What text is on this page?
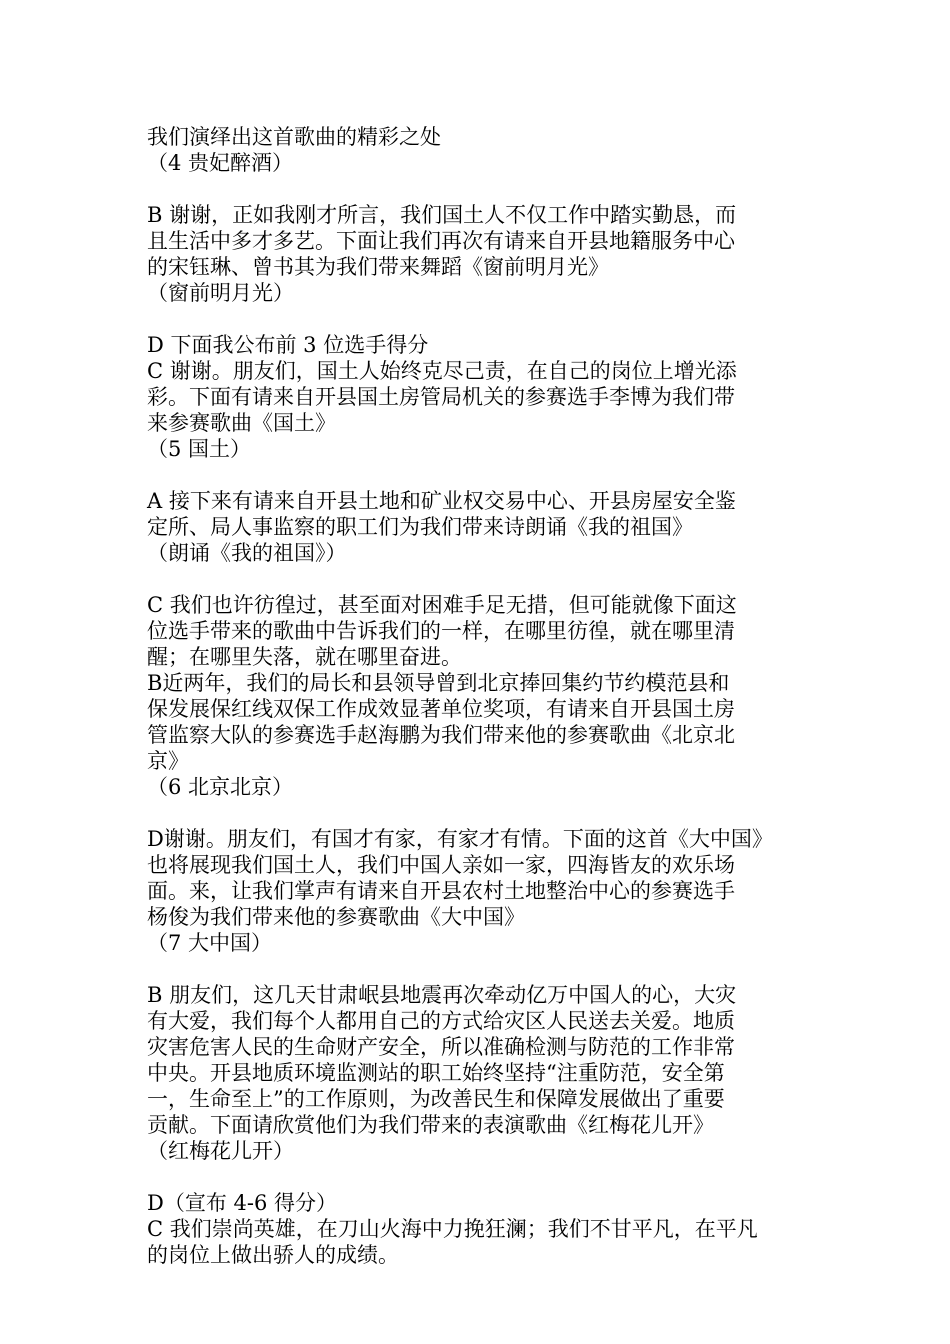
我们演绎出这首歌曲的精彩之处
（4 贵妃醉酒）
B 谢谢，正如我刚才所言，我们国土人不仅工作中踏实勤恳，而
且生活中多才多艺。下面让我们再次有请来自开县地籍服务中心
的宋钰琳、曾书其为我们带来舞蹈《窗前明月光》
（窗前明月光）
D 下面我公布前 3 位选手得分
C 谢谢。朋友们，国土人始终克尽己责，在自己的岗位上增光添
彩。下面有请来自开县国土房管局机关的参赛选手李博为我们带
来参赛歌曲《国土》
（5 国土）
A 接下来有请来自开县土地和矿业权交易中心、开县房屋安全鉴
定所、局人事监察的职工们为我们带来诗朗诵《我的祖国》
（朗诵《我的祖国》）
C 我们也许彷徨过，甚至面对困难手足无措，但可能就像下面这
位选手带来的歌曲中告诉我们的一样，在哪里彷徨，就在哪里清
醒；在哪里失落，就在哪里奋进。
B近两年，我们的局长和县领导曾到北京捧回集约节约模范县和
保发展保红线双保工作成效显著单位奖项，有请来自开县国土房
管监察大队的参赛选手赵海鹏为我们带来他的参赛歌曲《北京北
京》
（6 北京北京）
D谢谢。朋友们，有国才有家，有家才有情。下面的这首《大中国》
也将展现我们国土人，我们中国人亲如一家，四海皆友的欢乐场
面。来，让我们掌声有请来自开县农村土地整治中心的参赛选手
杨俊为我们带来他的参赛歌曲《大中国》
（7 大中国）
B 朋友们，这几天甘肃岷县地震再次牵动亿万中国人的心，大灾
有大爱，我们每个人都用自己的方式给灾区人民送去关爱。地质
灾害危害人民的生命财产安全，所以准确检测与防范的工作非常
中央。开县地质环境监测站的职工始终坚持“注重防范，安全第
一，生命至上”的工作原则，为改善民生和保障发展做出了重要
贡献。下面请欣赏他们为我们带来的表演歌曲《红梅花儿开》
（红梅花儿开）
D（宣布 4-6 得分）
C 我们崇尚英雄，在刀山火海中力挽狂澜；我们不甘平凡，在平凡
的岗位上做出骄人的成绩。
